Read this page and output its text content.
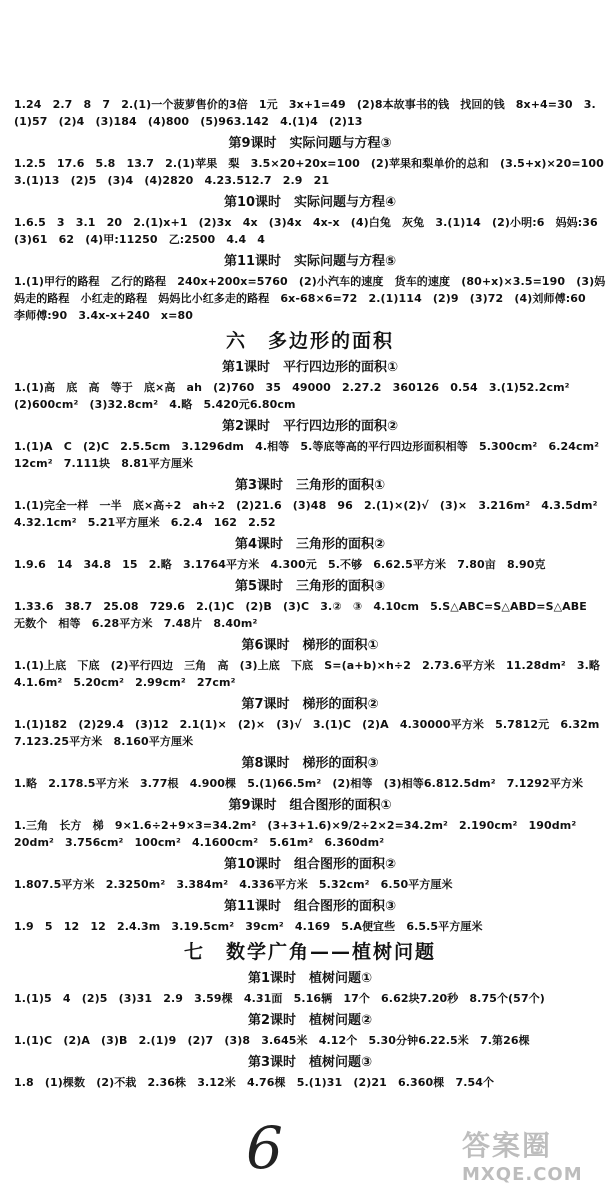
1.24　2.7　8　7　2.(1)一个菠萝售价的3倍　1元　3x+1=49　(2)8本故事书的钱　找回的钱　8x+4=30　3.(1)57　(2)4　(3)184　(4)800　(5)963.142　4.(1)4　(2)13
第9课时　实际问题与方程③
1.2.5　17.6　5.8　13.7　2.(1)苹果　梨　3.5×20+20x=100　(2)苹果和梨单价的总和　(3.5+x)×20=100　3.(1)13　(2)5　(3)4　(4)2820　4.23.512.7　2.9　21
第10课时　实际问题与方程④
1.6.5　3　3.1　20　2.(1)x+1　(2)3x　4x　(3)4x　4x-x　(4)白兔　灰兔　3.(1)14　(2)小明:6　妈妈:36　(3)61　62　(4)甲:11250　乙:2500　4.4　4
第11课时　实际问题与方程⑤
1.(1)甲行的路程　乙行的路程　240x+200x=5760　(2)小汽车的速度　货车的速度　(80+x)×3.5=190　(3)妈妈走的路程　小红走的路程　妈妈比小红多走的路程　6x-68×6=72　2.(1)114　(2)9　(3)72　(4)刘师傅:60　李师傅:90　3.4x-x+240　x=80
六　多边形的面积
第1课时　平行四边形的面积①
1.(1)高　底　高　等于　底×高　ah　(2)760　35　49000　2.27.2　360126　0.54　3.(1)52.2cm²　(2)600cm²　(3)32.8cm²　4.略　5.420元6.80cm
第2课时　平行四边形的面积②
1.(1)A　C　(2)C　2.5.5cm　3.1296dm　4.相等　5.等底等高的平行四边形面积相等　5.300cm²　6.24cm²　12cm²　7.111块　8.81平方厘米
第3课时　三角形的面积①
1.(1)完全一样　一半　底×高÷2　ah÷2　(2)21.6　(3)48　96　2.(1)×(2)√　(3)×　3.216m²　4.3.5dm²　4.32.1cm²　5.21平方厘米　6.2.4　162　2.52
第4课时　三角形的面积②
1.9.6　14　34.8　15　2.略　3.1764平方米　4.300元　5.不够　6.62.5平方米　7.80亩　8.90克
第5课时　三角形的面积③
1.33.6　38.7　25.08　729.6　2.(1)C　(2)B　(3)C　3.②　③　4.10cm　5.S△ABC=S△ABD=S△ABE　无数个　相等　6.28平方米　7.48片　8.40m²
第6课时　梯形的面积①
1.(1)上底　下底　(2)平行四边　三角　高　(3)上底　下底　S=(a+b)×h÷2　2.73.6平方米　11.28dm²　3.略　4.1.6m²　5.20cm²　2.99cm²　27cm²
第7课时　梯形的面积②
1.(1)182　(2)29.4　(3)12　2.1(1)×　(2)×　(3)√　3.(1)C　(2)A　4.30000平方米　5.7812元　6.32m　7.123.25平方米　8.160平方厘米
第8课时　梯形的面积③
1.略　2.178.5平方米　3.77根　4.900棵　5.(1)66.5m²　(2)相等　(3)相等6.812.5dm²　7.1292平方米
第9课时　组合图形的面积①
1.三角　长方　梯　9×1.6÷2+9×3=34.2m²　(3+3+1.6)×9/2÷2×2=34.2m²　2.190cm²　190dm²　20dm²　3.756cm²　100cm²　4.1600cm²　5.61m²　6.360dm²
第10课时　组合图形的面积②
1.807.5平方米　2.3250m²　3.384m²　4.336平方米　5.32cm²　6.50平方厘米
第11课时　组合图形的面积③
1.9　5　12　12　2.4.3m　3.19.5cm²　39cm²　4.169　5.A便宜些　6.5.5平方厘米
七　数学广角——植树问题
第1课时　植树问题①
1.(1)5　4　(2)5　(3)31　2.9　3.59棵　4.31面　5.16辆　17个　6.62块7.20秒　8.75个(57个)
第2课时　植树问题②
1.(1)C　(2)A　(3)B　2.(1)9　(2)7　(3)8　3.645米　4.12个　5.30分钟6.22.5米　7.第26棵
第3课时　植树问题③
1.8　(1)棵数　(2)不栽　2.36株　3.12米　4.76棵　5.(1)31　(2)21　6.360棵　7.54个
6	答案圈
MXQE.COM
